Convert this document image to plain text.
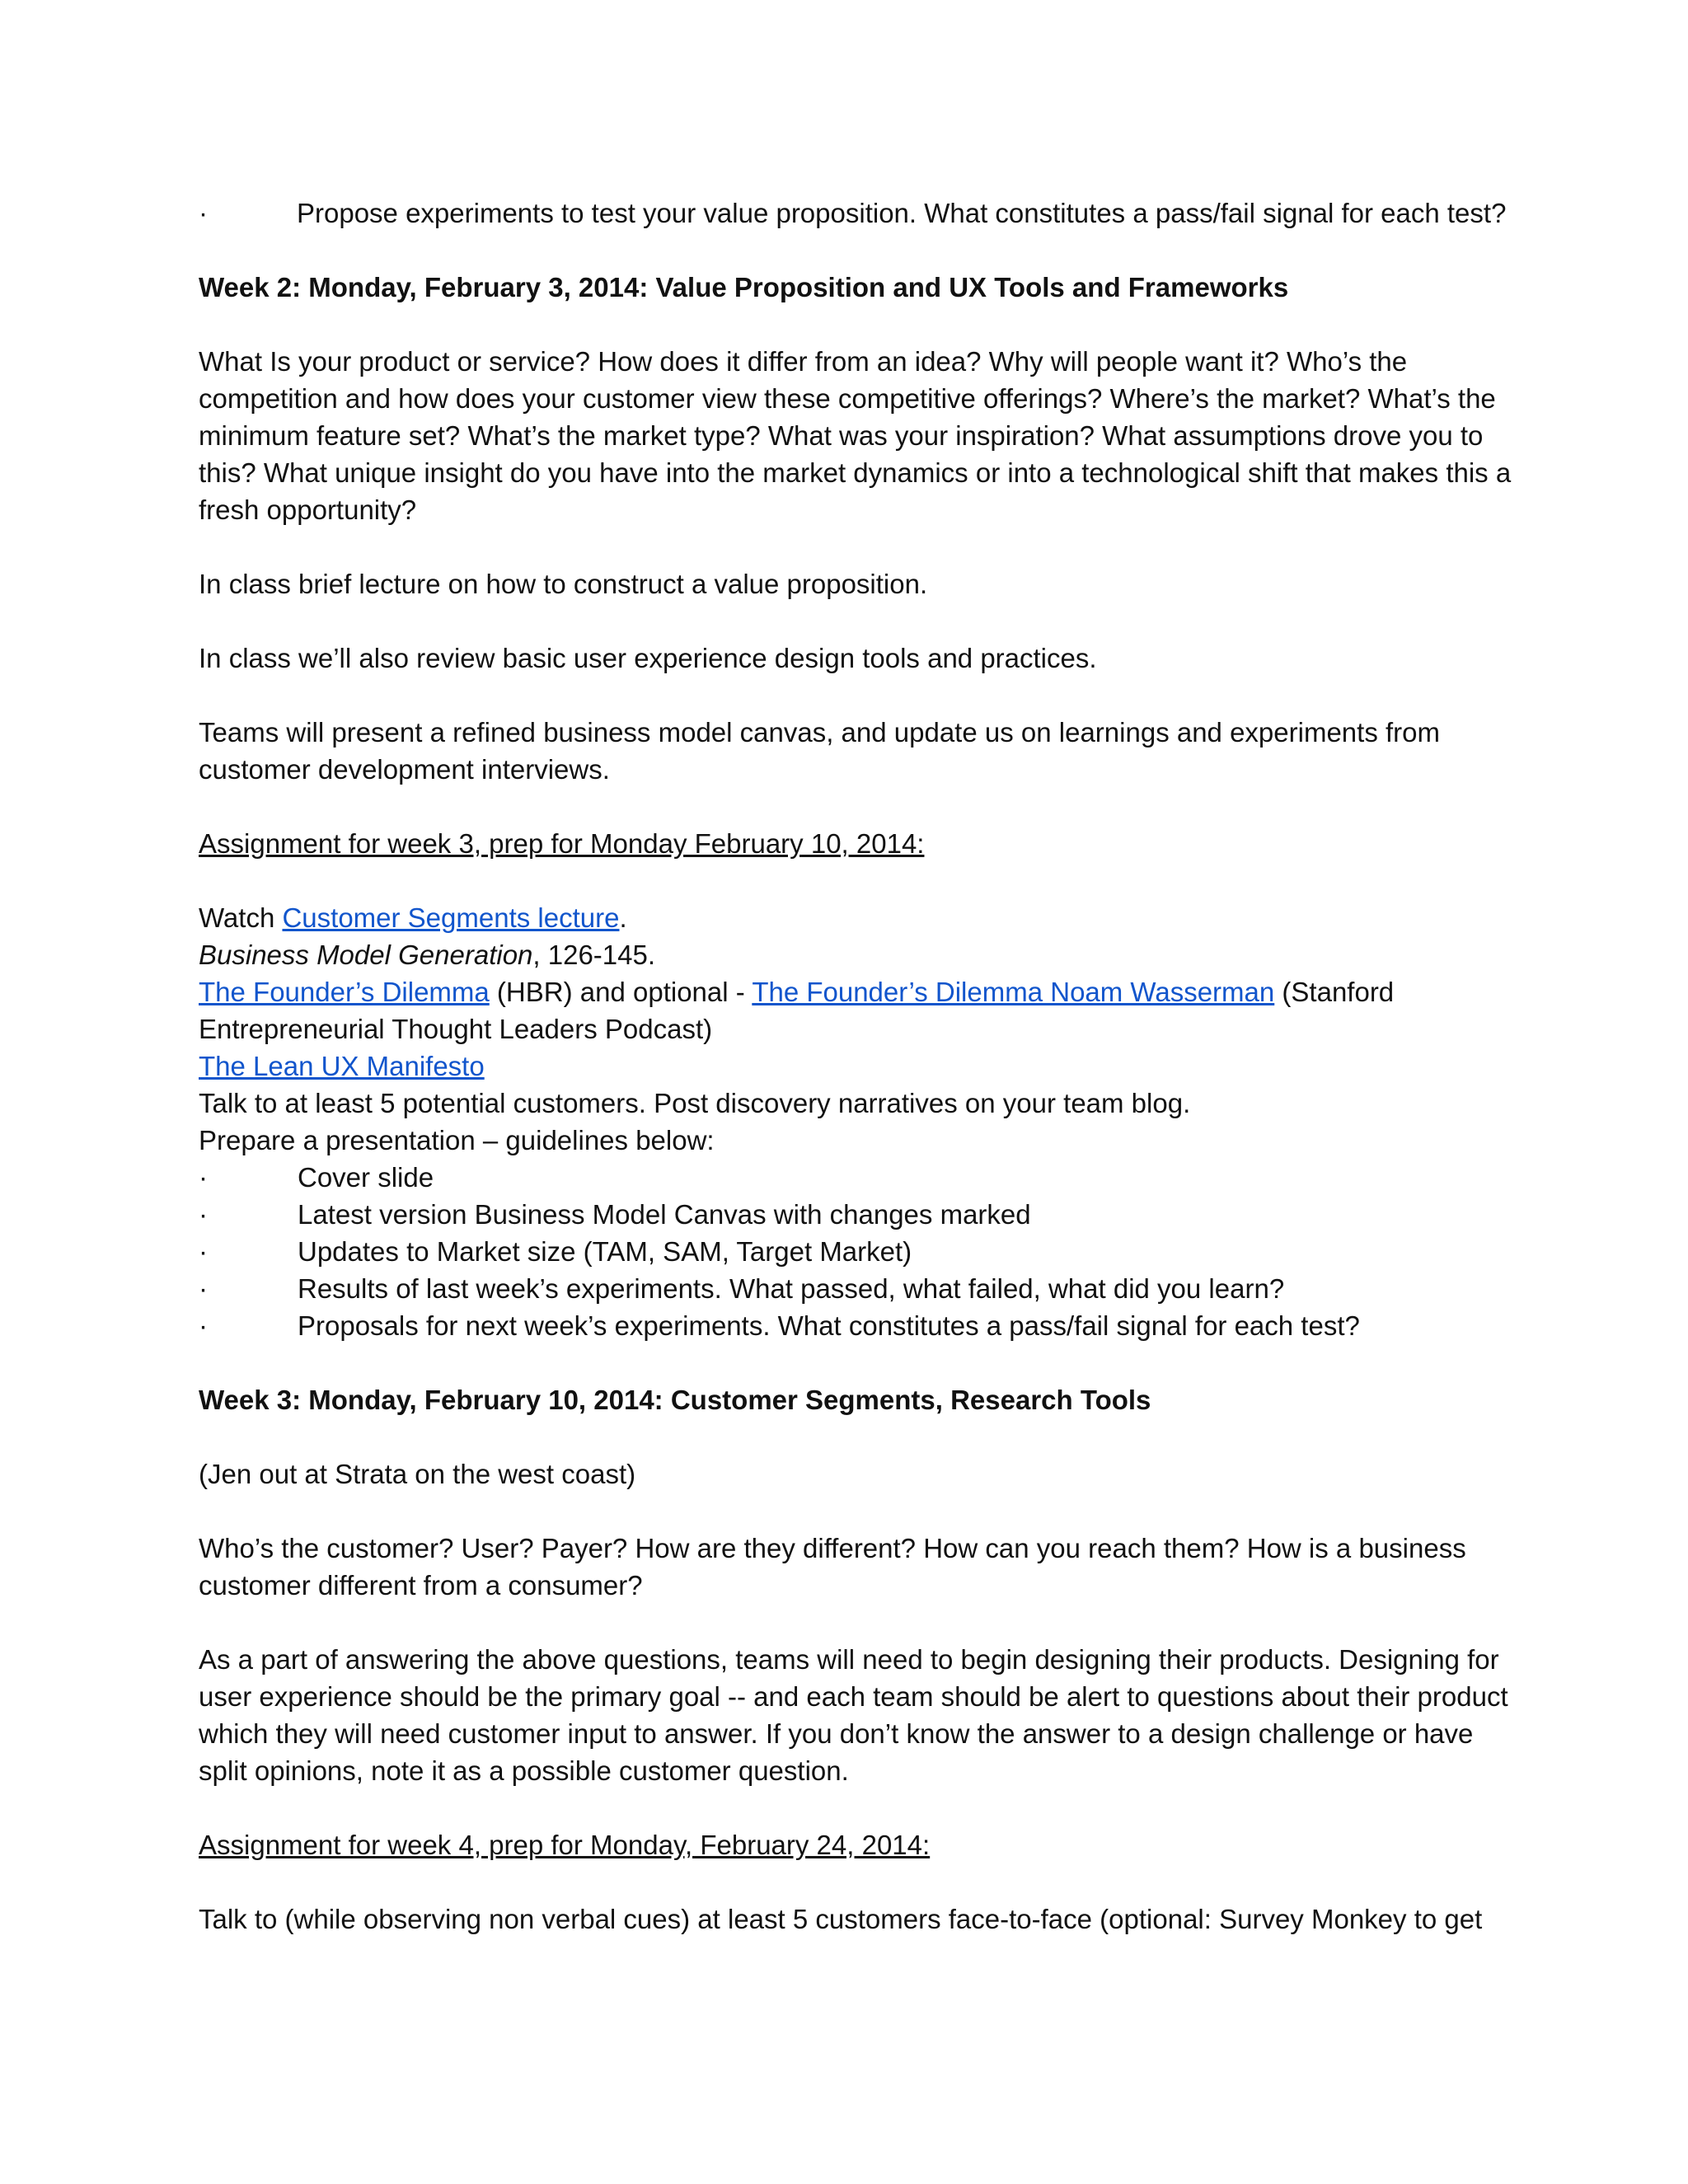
·	Propose experiments to test your value proposition. What constitutes a pass/fail signal for each test?

Week 2: Monday, February 3, 2014: Value Proposition and UX Tools and Frameworks

What Is your product or service? How does it differ from an idea? Why will people want it? Who’s the competition and how does your customer view these competitive offerings? Where’s the market? What’s the minimum feature set? What’s the market type? What was your inspiration? What assumptions drove you to this? What unique insight do you have into the market dynamics or into a technological shift that makes this a fresh opportunity?

In class brief lecture on how to construct a value proposition.

In class we’ll also review basic user experience design tools and practices.

Teams will present a refined business model canvas, and update us on learnings and experiments from customer development interviews.

Assignment for week 3, prep for Monday February 10, 2014:

Watch Customer Segments lecture.

Business Model Generation, 126-145.

The Founder’s Dilemma (HBR) and optional - The Founder’s Dilemma Noam Wasserman (Stanford Entrepreneurial Thought Leaders Podcast)

The Lean UX Manifesto

Talk to at least 5 potential customers. Post discovery narratives on your team blog.

Prepare a presentation – guidelines below:

·	Cover slide
·	Latest version Business Model Canvas with changes marked
·	Updates to Market size (TAM, SAM, Target Market)
·	Results of last week’s experiments. What passed, what failed, what did you learn?
·	Proposals for next week’s experiments. What constitutes a pass/fail signal for each test?

Week 3: Monday, February 10, 2014: Customer Segments, Research Tools

(Jen out at Strata on the west coast)

Who’s the customer? User? Payer? How are they different? How can you reach them? How is a business customer different from a consumer?

As a part of answering the above questions, teams will need to begin designing their products. Designing for user experience should be the primary goal -- and each team should be alert to questions about their product which they will need customer input to answer. If you don’t know the answer to a design challenge or have split opinions, note it as a possible customer question.

Assignment for week 4, prep for Monday, February 24, 2014:

Talk to (while observing non verbal cues) at least 5 customers face-to-face (optional: Survey Monkey to get
